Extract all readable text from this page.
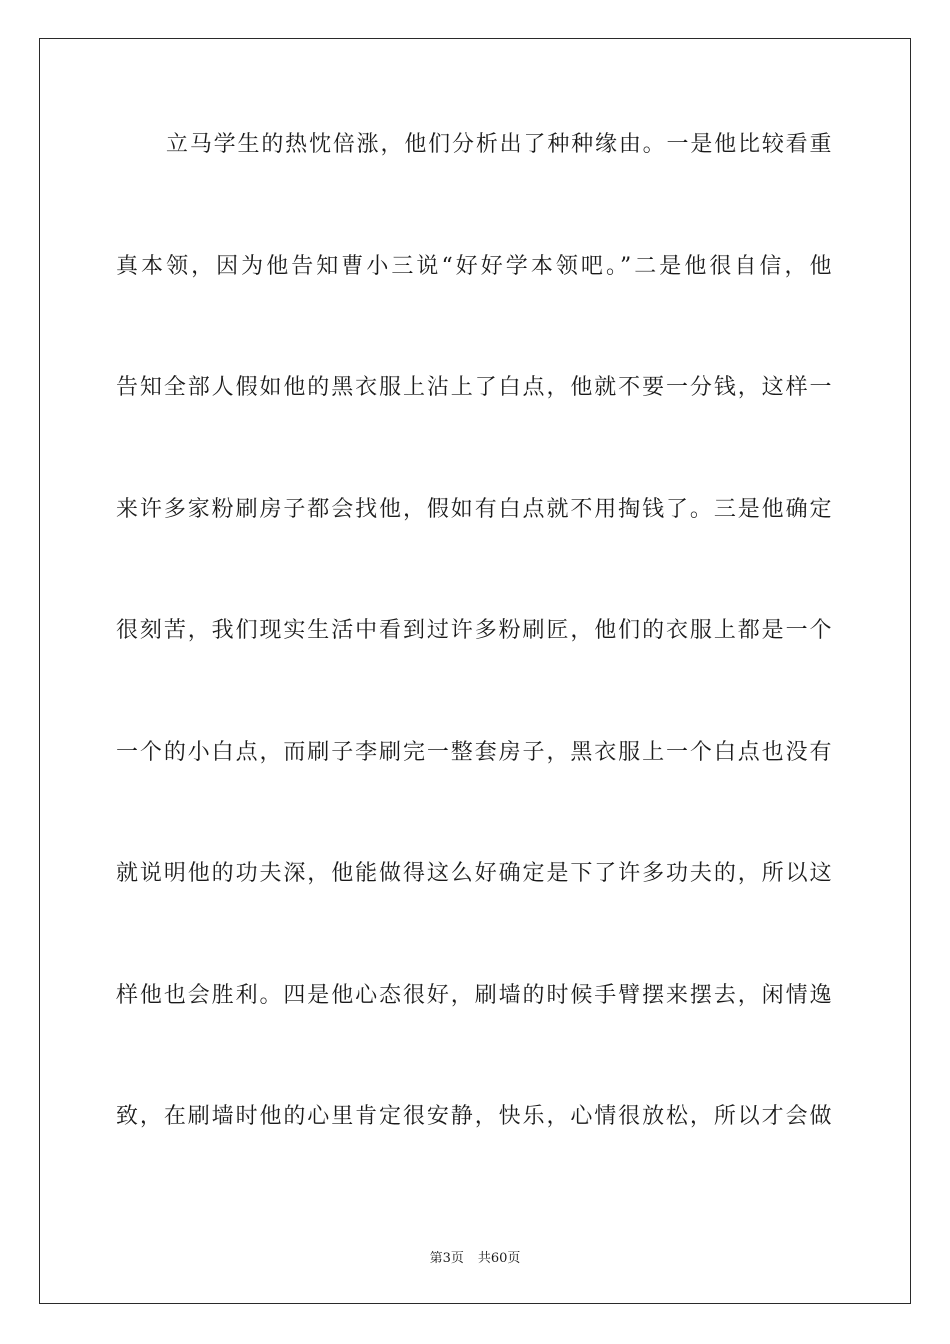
立马学生的热忱倍涨，他们分析出了种种缘由。一是他比较看重
真本领，因为他告知曹小三说“好好学本领吧。”二是他很自信，他
告知全部人假如他的黑衣服上沾上了白点，他就不要一分钱，这样一
来许多家粉刷房子都会找他，假如有白点就不用掏钱了。三是他确定
很刻苦，我们现实生活中看到过许多粉刷匠，他们的衣服上都是一个
一个的小白点，而刷子李刷完一整套房子，黑衣服上一个白点也没有
就说明他的功夫深，他能做得这么好确定是下了许多功夫的，所以这
样他也会胜利。四是他心态很好，刷墙的时候手臂摆来摆去，闲情逸
致，在刷墙时他的心里肯定很安静，快乐，心情很放松，所以才会做
第3页 共60页
